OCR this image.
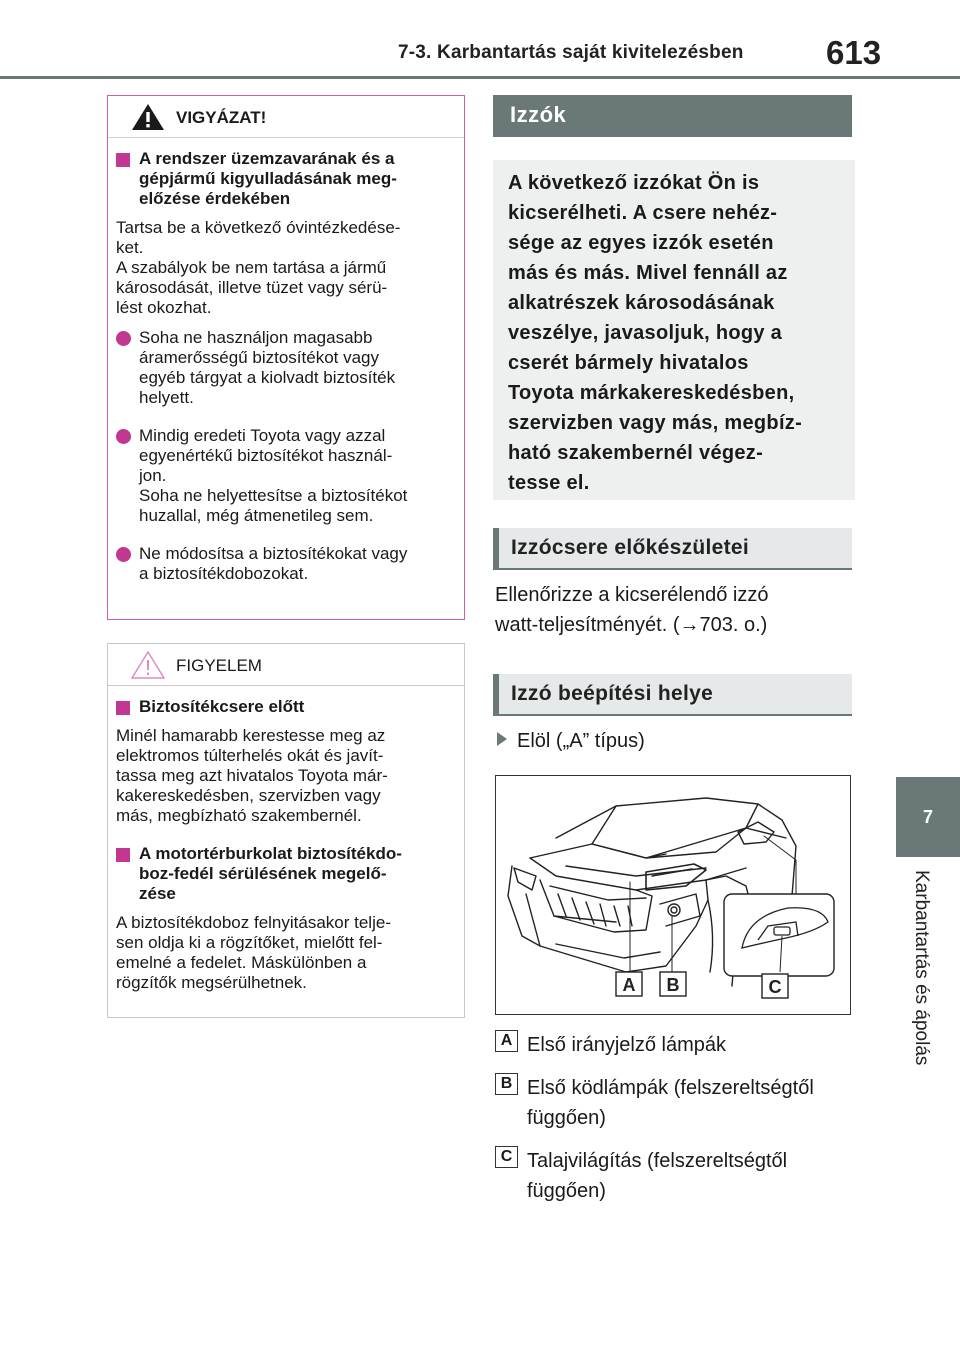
7-3. Karbantartás saját kivitelezésben 613
7
Karbantartás és ápolás
VIGYÁZAT!
A rendszer üzemzavarának és a
gépjármű kigyulladásának meg-
előzése érdekében
Tartsa be a következő óvintézkedése-
ket.
A szabályok be nem tartása a jármű
károsodását, illetve tüzet vagy sérü-
lést okozhat.
Soha ne használjon magasabb
áramerősségű biztosítékot vagy
egyéb tárgyat a kiolvadt biztosíték
helyett.
Mindig eredeti Toyota vagy azzal
egyenértékű biztosítékot használ-
jon.
Soha ne helyettesítse a biztosítékot
huzallal, még átmenetileg sem.
Ne módosítsa a biztosítékokat vagy
a biztosítékdobozokat.
FIGYELEM
Biztosítékcsere előtt
Minél hamarabb kerestesse meg az
elektromos túlterhelés okát és javít-
tassa meg azt hivatalos Toyota már-
kakereskedésben, szervizben vagy
más, megbízható szakembernél.
A motortérburkolat biztosítékdo-
boz-fedél sérülésének megelő-
zése
A biztosítékdoboz felnyitásakor telje-
sen oldja ki a rögzítőket, mielőtt fel-
emelné a fedelet. Máskülönben a
rögzítők megsérülhetnek.
Izzók
A következő izzókat Ön is
kicserélheti. A csere nehéz-
sége az egyes izzók esetén
más és más. Mivel fennáll az
alkatrészek károsodásának
veszélye, javasoljuk, hogy a
cserét bármely hivatalos
Toyota márkakereskedésben,
szervizben vagy más, megbíz-
ható szakembernél végez-
tesse el.
Izzócsere előkészületei
Ellenőrizze a kicserélendő izzó
watt-teljesítményét. (→703. o.)
Izzó beépítési helye
Elöl („A” típus)
A B	C
A Első irányjelző lámpák
B Első ködlámpák (felszereltségtől
függően)
C Talajvilágítás (felszereltségtől
függően)
